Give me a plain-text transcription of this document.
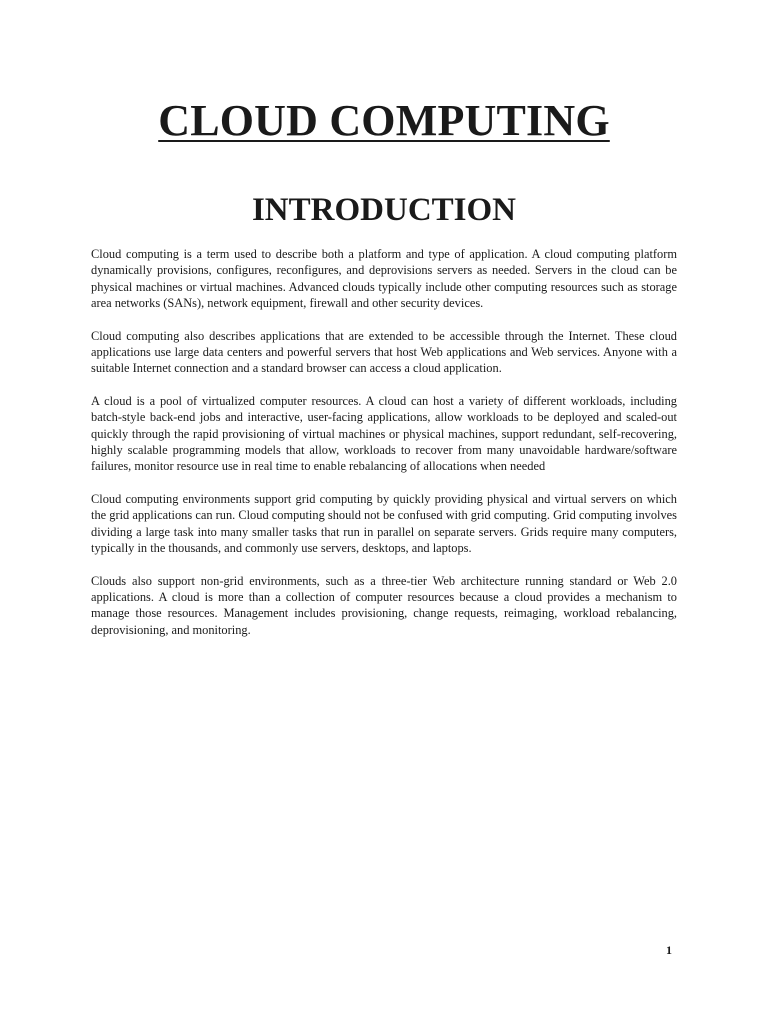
CLOUD COMPUTING
INTRODUCTION

Cloud computing is a term used to describe both a platform and type of application. A cloud computing platform dynamically provisions, configures, reconfigures, and deprovisions servers as needed. Servers in the cloud can be physical machines or virtual machines. Advanced clouds typically include other computing resources such as storage area networks (SANs), network equipment, firewall and other security devices.

Cloud computing also describes applications that are extended to be accessible through the Internet. These cloud applications use large data centers and powerful servers that host Web applications and Web services. Anyone with a suitable Internet connection and a standard browser can access a cloud application.

A cloud is a pool of virtualized computer resources. A cloud can host a variety of different workloads, including batch-style back-end jobs and interactive, user-facing applications, allow workloads to be deployed and scaled-out quickly through the rapid provisioning of virtual machines or physical machines, support redundant, self-recovering, highly scalable programming models that allow, workloads to recover from many unavoidable hardware/software failures, monitor resource use in real time to enable rebalancing of allocations when needed

Cloud computing environments support grid computing by quickly providing physical and virtual servers on which the grid applications can run. Cloud computing should not be confused with grid computing. Grid computing involves dividing a large task into many smaller tasks that run in parallel on separate servers. Grids require many computers, typically in the thousands, and commonly use servers, desktops, and laptops.

Clouds also support non-grid environments, such as a three-tier Web architecture running standard or Web 2.0 applications. A cloud is more than a collection of computer resources because a cloud provides a mechanism to manage those resources. Management includes provisioning, change requests, reimaging, workload rebalancing, deprovisioning, and monitoring.

1
